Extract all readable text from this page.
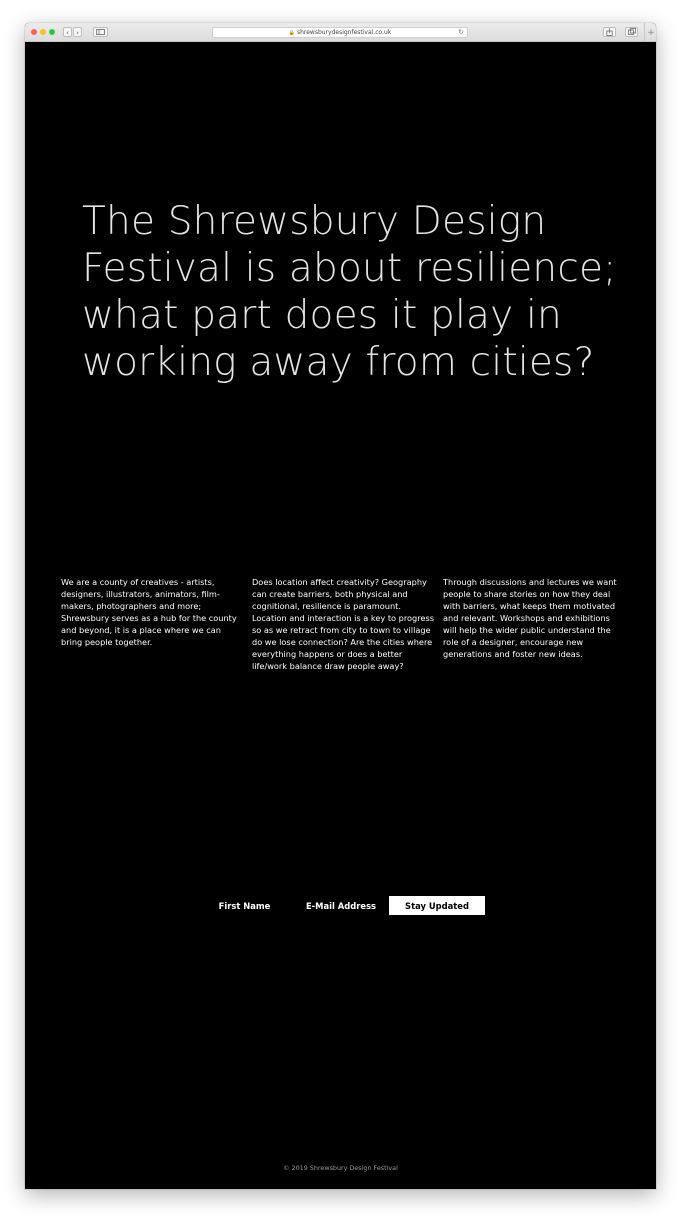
‹	›	🔒 shrewsburydesignfestival.co.uk	↻	+
The Shrewsbury Design Festival is about resilience; what part does it play in working away from cities?

We are a county of creatives - artists, designers, illustrators, animators, film-makers, photographers and more; Shrewsbury serves as a hub for the county and beyond, it is a place where we can bring people together.

Does location affect creativity? Geography can create barriers, both physical and cognitional, resilience is paramount. Location and interaction is a key to progress so as we retract from city to town to village do we lose connection? Are the cities where everything happens or does a better life/work balance draw people away?

Through discussions and lectures we want people to share stories on how they deal with barriers, what keeps them motivated and relevant. Workshops and exhibitions will help the wider public understand the role of a designer, encourage new generations and foster new ideas.

First Name
E-Mail Address
Stay Updated

© 2019 Shrewsbury Design Festival
